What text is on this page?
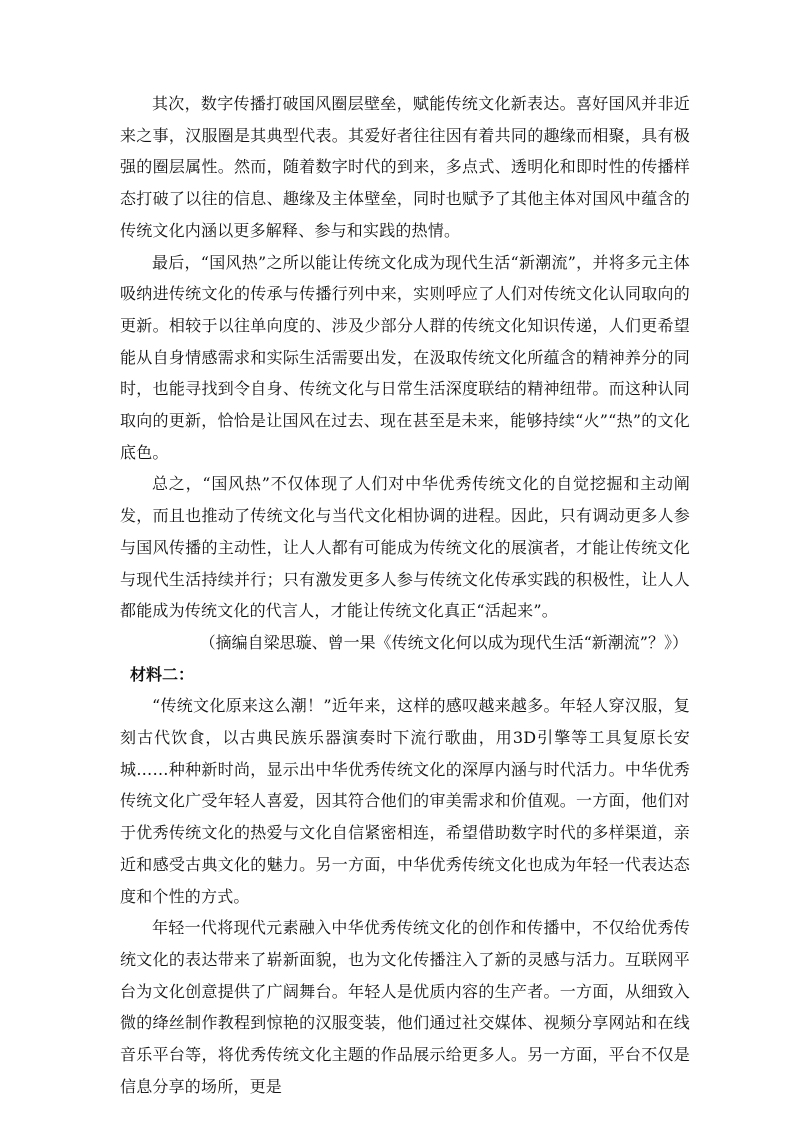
其次，数字传播打破国风圈层壁垒，赋能传统文化新表达。喜好国风并非近来之事，汉服圈是其典型代表。其爱好者往往因有着共同的趣缘而相聚，具有极强的圈层属性。然而，随着数字时代的到来，多点式、透明化和即时性的传播样态打破了以往的信息、趣缘及主体壁垒，同时也赋予了其他主体对国风中蕴含的传统文化内涵以更多解释、参与和实践的热情。

最后，“国风热”之所以能让传统文化成为现代生活“新潮流”，并将多元主体吸纳进传统文化的传承与传播行列中来，实则呼应了人们对传统文化认同取向的更新。相较于以往单向度的、涉及少部分人群的传统文化知识传递，人们更希望能从自身情感需求和实际生活需要出发，在汲取传统文化所蕴含的精神养分的同时，也能寻找到令自身、传统文化与日常生活深度联结的精神纽带。而这种认同取向的更新，恰恰是让国风在过去、现在甚至是未来，能够持续“火”“热”的文化底色。

总之，“国风热”不仅体现了人们对中华优秀传统文化的自觉挖掘和主动阐发，而且也推动了传统文化与当代文化相协调的进程。因此，只有调动更多人参与国风传播的主动性，让人人都有可能成为传统文化的展演者，才能让传统文化与现代生活持续并行；只有激发更多人参与传统文化传承实践的积极性，让人人都能成为传统文化的代言人，才能让传统文化真正“活起来”。

（摘编自梁思璇、曾一果《传统文化何以成为现代生活“新潮流”？》）

材料二：

“传统文化原来这么潮！”近年来，这样的感叹越来越多。年轻人穿汉服，复刻古代饮食，以古典民族乐器演奏时下流行歌曲，用3D引擎等工具复原长安城……种种新时尚，显示出中华优秀传统文化的深厚内涵与时代活力。中华优秀传统文化广受年轻人喜爱，因其符合他们的审美需求和价值观。一方面，他们对于优秀传统文化的热爱与文化自信紧密相连，希望借助数字时代的多样渠道，亲近和感受古典文化的魅力。另一方面，中华优秀传统文化也成为年轻一代表达态度和个性的方式。

年轻一代将现代元素融入中华优秀传统文化的创作和传播中，不仅给优秀传统文化的表达带来了崭新面貌，也为文化传播注入了新的灵感与活力。互联网平台为文化创意提供了广阔舞台。年轻人是优质内容的生产者。一方面，从细致入微的绛丝制作教程到惊艳的汉服变装，他们通过社交媒体、视频分享网站和在线音乐平台等，将优秀传统文化主题的作品展示给更多人。另一方面，平台不仅是信息分享的场所，更是
